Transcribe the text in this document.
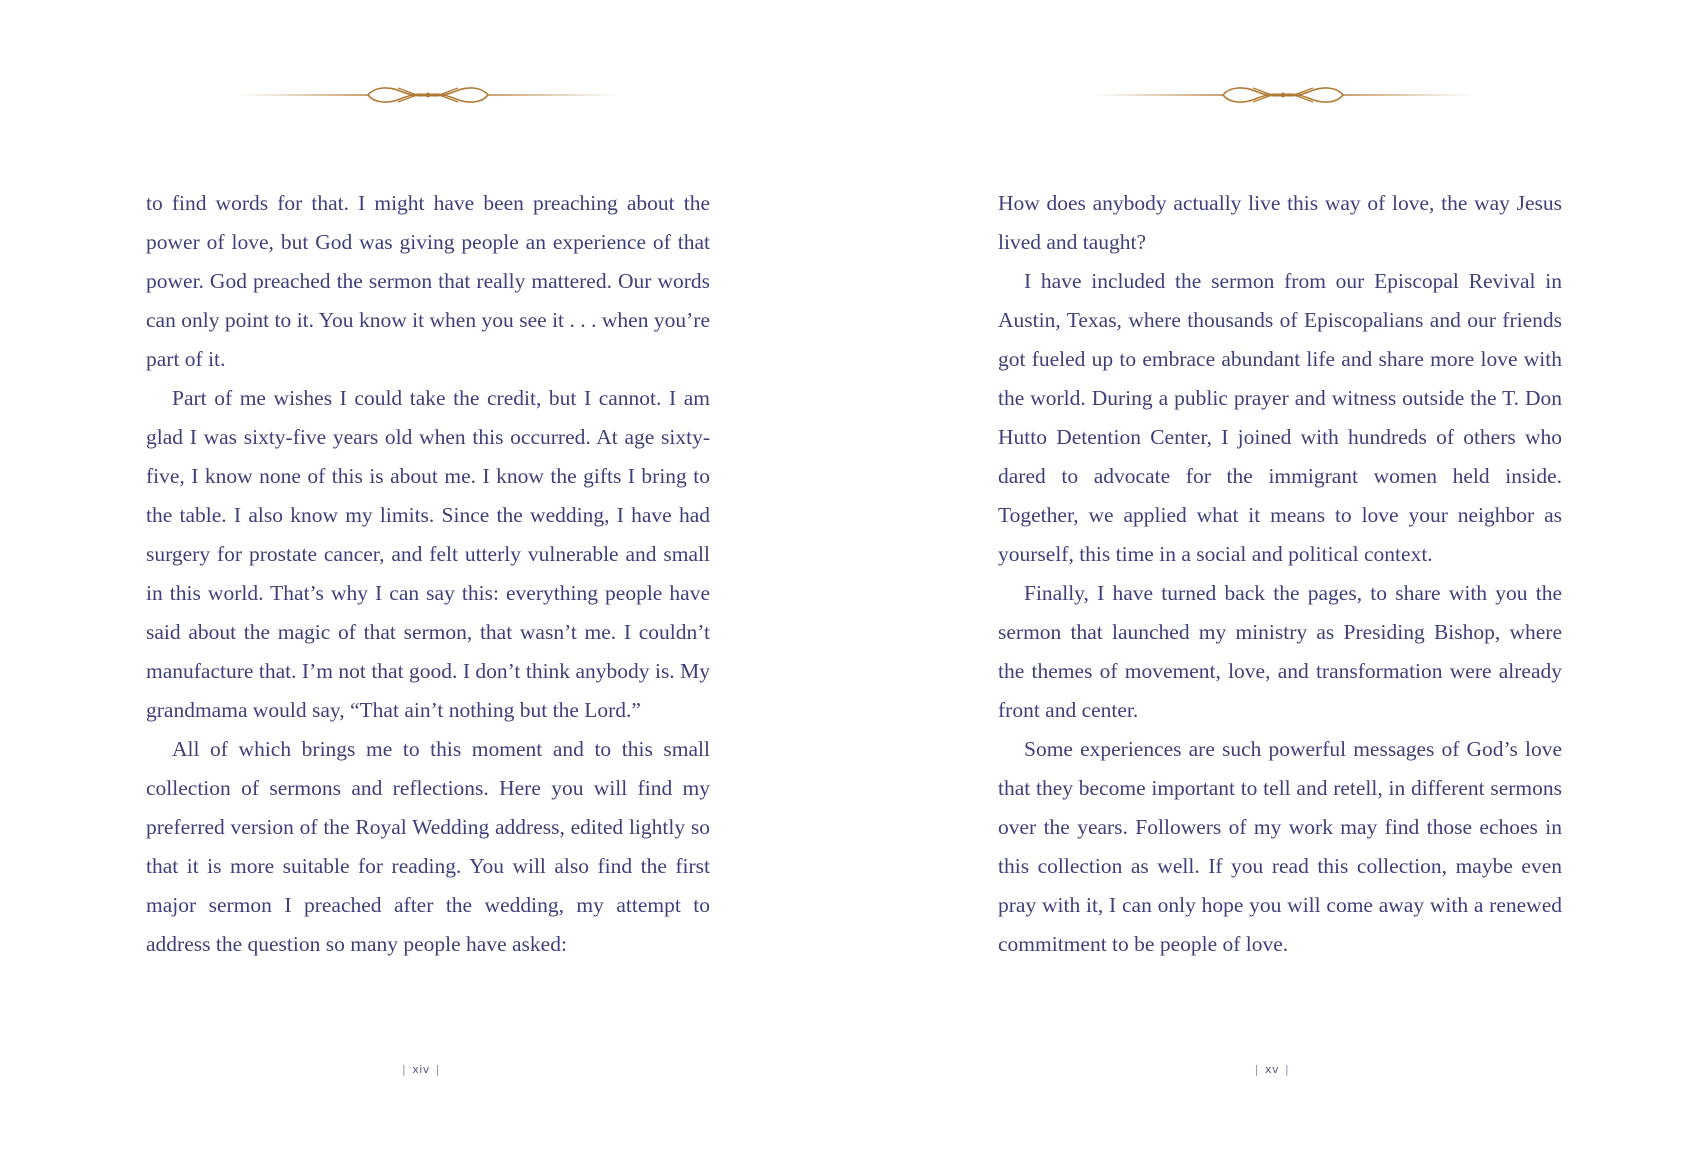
to find words for that. I might have been preaching about the power of love, but God was giving people an experience of that power. God preached the sermon that really mattered. Our words can only point to it. You know it when you see it . . . when you’re part of it.

Part of me wishes I could take the credit, but I cannot. I am glad I was sixty-five years old when this occurred. At age sixty-five, I know none of this is about me. I know the gifts I bring to the table. I also know my limits. Since the wedding, I have had surgery for prostate cancer, and felt utterly vulnerable and small in this world. That’s why I can say this: everything people have said about the magic of that sermon, that wasn’t me. I couldn’t manufacture that. I’m not that good. I don’t think anybody is. My grandmama would say, “That ain’t nothing but the Lord.”

All of which brings me to this moment and to this small collection of sermons and reflections. Here you will find my preferred version of the Royal Wedding address, edited lightly so that it is more suitable for reading. You will also find the first major sermon I preached after the wedding, my attempt to address the question so many people have asked:

| xiv |

How does anybody actually live this way of love, the way Jesus lived and taught?

I have included the sermon from our Episcopal Revival in Austin, Texas, where thousands of Episcopalians and our friends got fueled up to embrace abundant life and share more love with the world. During a public prayer and witness outside the T. Don Hutto Detention Center, I joined with hundreds of others who dared to advocate for the immigrant women held inside. Together, we applied what it means to love your neighbor as yourself, this time in a social and political context.

Finally, I have turned back the pages, to share with you the sermon that launched my ministry as Presiding Bishop, where the themes of movement, love, and transformation were already front and center.

Some experiences are such powerful messages of God’s love that they become important to tell and retell, in different sermons over the years. Followers of my work may find those echoes in this collection as well. If you read this collection, maybe even pray with it, I can only hope you will come away with a renewed commitment to be people of love.

| xv |
